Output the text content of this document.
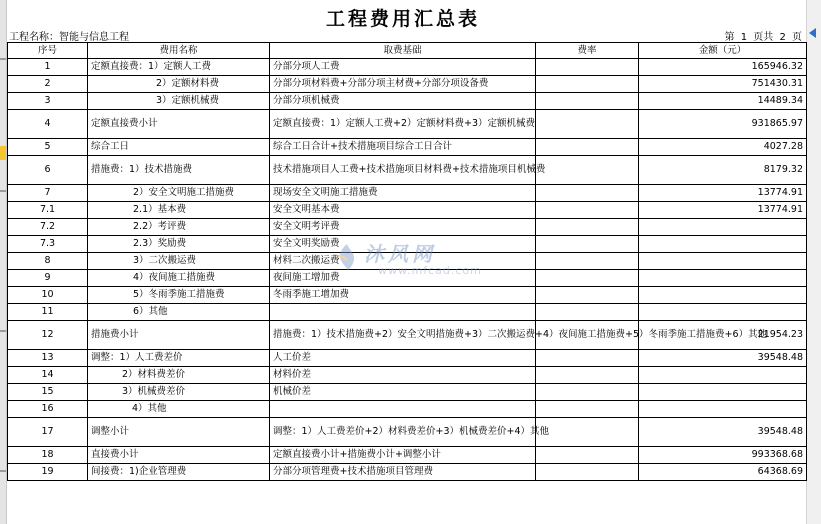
工程费用汇总表
工程名称：智能与信息工程	第 1 页共 2 页
序号	费用名称	取费基础	费率	金额（元）
1	定额直接费：1）定额人工费	分部分项人工费		165946.32
2	2）定额材料费	分部分项材料费+分部分项主材费+分部分项设备费		751430.31
3	3）定额机械费	分部分项机械费		14489.34
4	定额直接费小计	定额直接费：1）定额人工费+2）定额材料费+3）定额机械费		931865.97
5	综合工日	综合工日合计+技术措施项目综合工日合计		4027.28
6	措施费：1）技术措施费	技术措施项目人工费+技术措施项目材料费+技术措施项目机械费		8179.32
7	2）安全文明施工措施费	现场安全文明施工措施费		13774.91
7.1	2.1）基本费	安全文明基本费		13774.91
7.2	2.2）考评费	安全文明考评费		
7.3	2.3）奖励费	安全文明奖励费		
8	3）二次搬运费	材料二次搬运费		
9	4）夜间施工措施费	夜间施工增加费		
10	5）冬雨季施工措施费	冬雨季施工增加费		
11	6）其他			
12	措施费小计	措施费：1）技术措施费+2）安全文明措施费+3）二次搬运费+4）夜间施工措施费+5）冬雨季施工措施费+6）其他		21954.23
13	调整：1）人工费差价	人工价差		39548.48
14	2）材料费差价	材料价差		
15	3）机械费差价	机械价差		
16	4）其他			
17	调整小计	调整：1）人工费差价+2）材料费差价+3）机械费差价+4）其他		39548.48
18	直接费小计	定额直接费小计+措施费小计+调整小计		993368.68
19	间接费：1)企业管理费	分部分项管理费+技术措施项目管理费		64368.69
沐风网
www.mfcad.com
